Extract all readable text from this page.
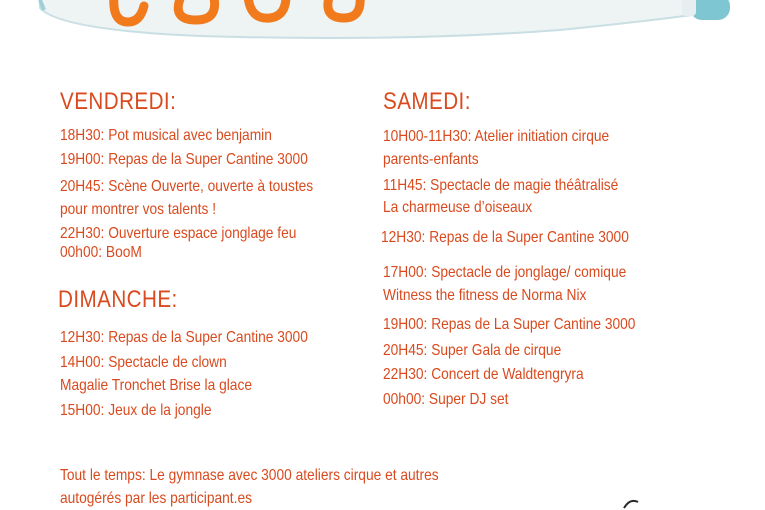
VENDREDI:
18H30: Pot musical avec benjamin
19H00: Repas de la Super Cantine 3000
20H45: Scène Ouverte, ouverte à toustes
pour montrer vos talents !
22H30: Ouverture espace jonglage feu
00h00: BooM
DIMANCHE:
12H30: Repas de la Super Cantine 3000
14H00: Spectacle de clown
Magalie Tronchet Brise la glace
15H00: Jeux de la jongle
SAMEDI:
10H00-11H30: Atelier initiation cirque
parents-enfants
11H45: Spectacle de magie théâtralisé
La charmeuse d’oiseaux
12H30: Repas de la Super Cantine 3000
17H00: Spectacle de jonglage/ comique
Witness the fitness de Norma Nix
19H00: Repas de La Super Cantine 3000
20H45: Super Gala de cirque
22H30: Concert de Waldtengryra
00h00: Super DJ set
Tout le temps: Le gymnase avec 3000 ateliers cirque et autres
autogérés par les participant.es
